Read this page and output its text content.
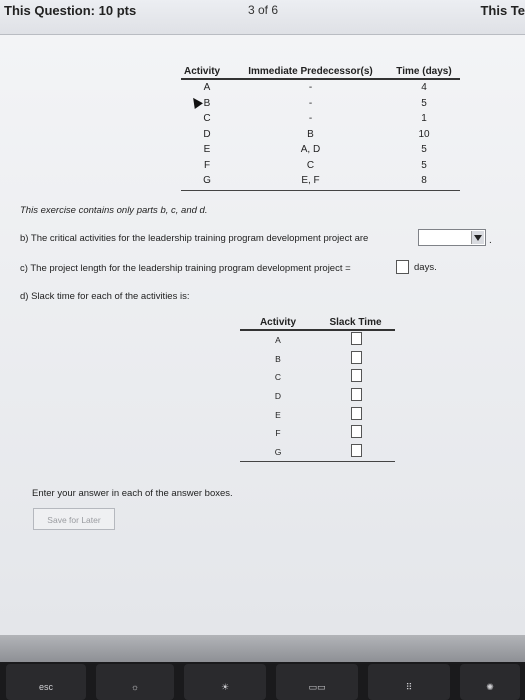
This Question: 10 pts	3 of 6	This Te
Activity	Immediate Predecessor(s)	Time (days)
A	-	4
B	-	5
C	-	1
D	B	10
E	A, D	5
F	C	5
G	E, F	8
This exercise contains only parts b, c, and d.
b) The critical activities for the leadership training program development project are	.
c) The project length for the leadership training program development project =	days.
d) Slack time for each of the activities is:
Activity	Slack Time
A
B
C
D
E
F
G
Enter your answer in each of the answer boxes.
Save for Later
esc	☼	☀	▭▭	⠿	✺
